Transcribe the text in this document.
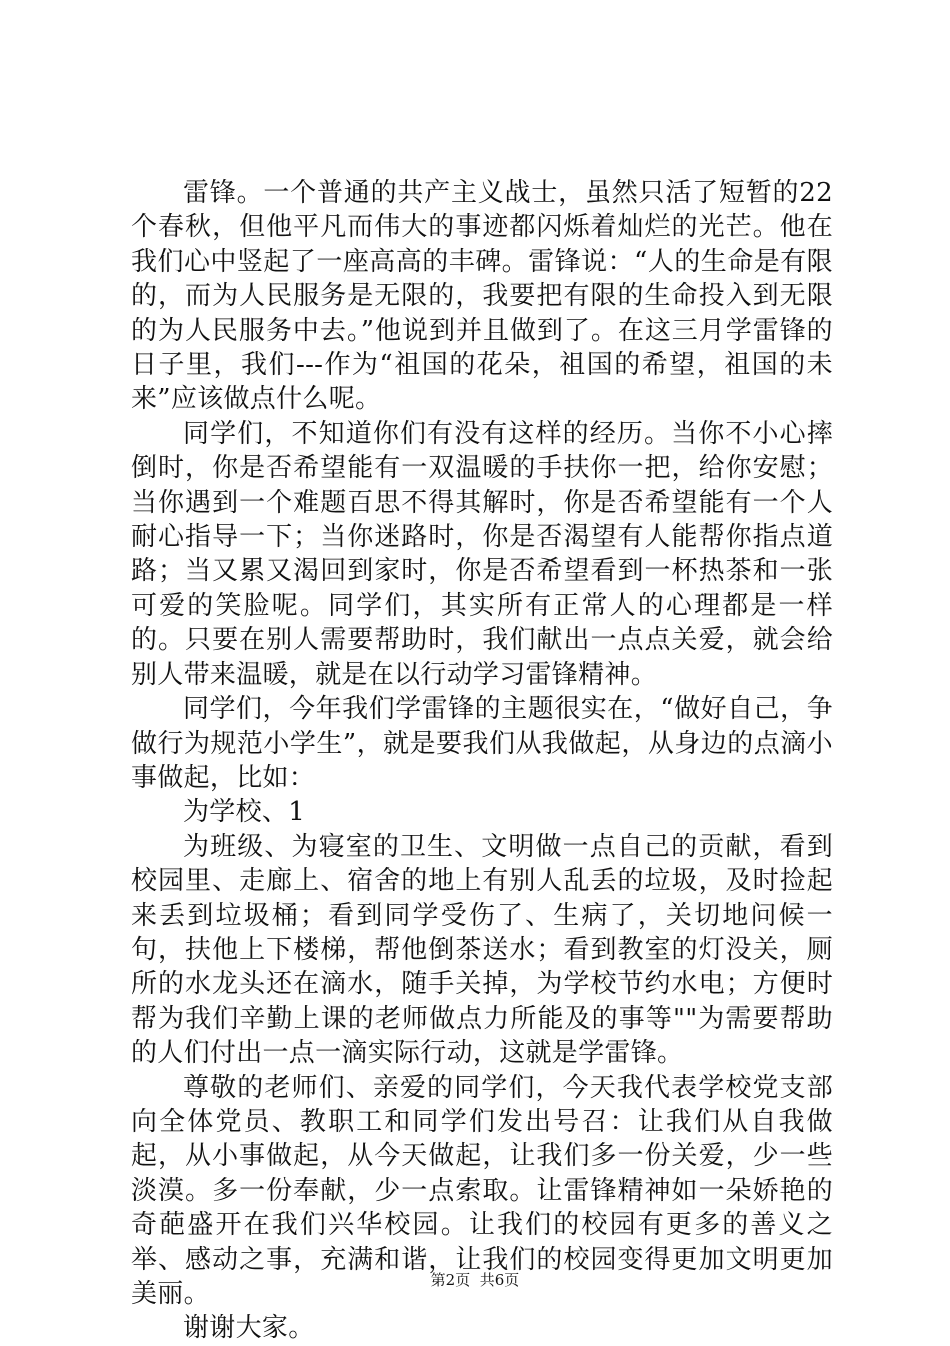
雷锋。一个普通的共产主义战士，虽然只活了短暂的22个春秋，但他平凡而伟大的事迹都闪烁着灿烂的光芒。他在我们心中竖起了一座高高的丰碑。雷锋说：“人的生命是有限的，而为人民服务是无限的，我要把有限的生命投入到无限的为人民服务中去。”他说到并且做到了。在这三月学雷锋的日子里，我们---作为“祖国的花朵，祖国的希望，祖国的未来”应该做点什么呢。

同学们，不知道你们有没有这样的经历。当你不小心摔倒时，你是否希望能有一双温暖的手扶你一把，给你安慰；当你遇到一个难题百思不得其解时，你是否希望能有一个人耐心指导一下；当你迷路时，你是否渴望有人能帮你指点道路；当又累又渴回到家时，你是否希望看到一杯热茶和一张可爱的笑脸呢。同学们，其实所有正常人的心理都是一样的。只要在别人需要帮助时，我们献出一点点关爱，就会给别人带来温暖，就是在以行动学习雷锋精神。

同学们，今年我们学雷锋的主题很实在，“做好自己，争做行为规范小学生”，就是要我们从我做起，从身边的点滴小事做起，比如：

为学校、1

为班级、为寝室的卫生、文明做一点自己的贡献，看到校园里、走廊上、宿舍的地上有别人乱丢的垃圾，及时捡起来丢到垃圾桶；看到同学受伤了、生病了，关切地问候一句，扶他上下楼梯，帮他倒茶送水；看到教室的灯没关，厕所的水龙头还在滴水，随手关掉，为学校节约水电；方便时帮为我们辛勤上课的老师做点力所能及的事等""为需要帮助的人们付出一点一滴实际行动，这就是学雷锋。

尊敬的老师们、亲爱的同学们，今天我代表学校党支部向全体党员、教职工和同学们发出号召：让我们从自我做起，从小事做起，从今天做起，让我们多一份关爱，少一些淡漠。多一份奉献，少一点索取。让雷锋精神如一朵娇艳的奇葩盛开在我们兴华校园。让我们的校园有更多的善义之举、感动之事，充满和谐，让我们的校园变得更加文明更加美丽。

谢谢大家。

第2页 共6页
